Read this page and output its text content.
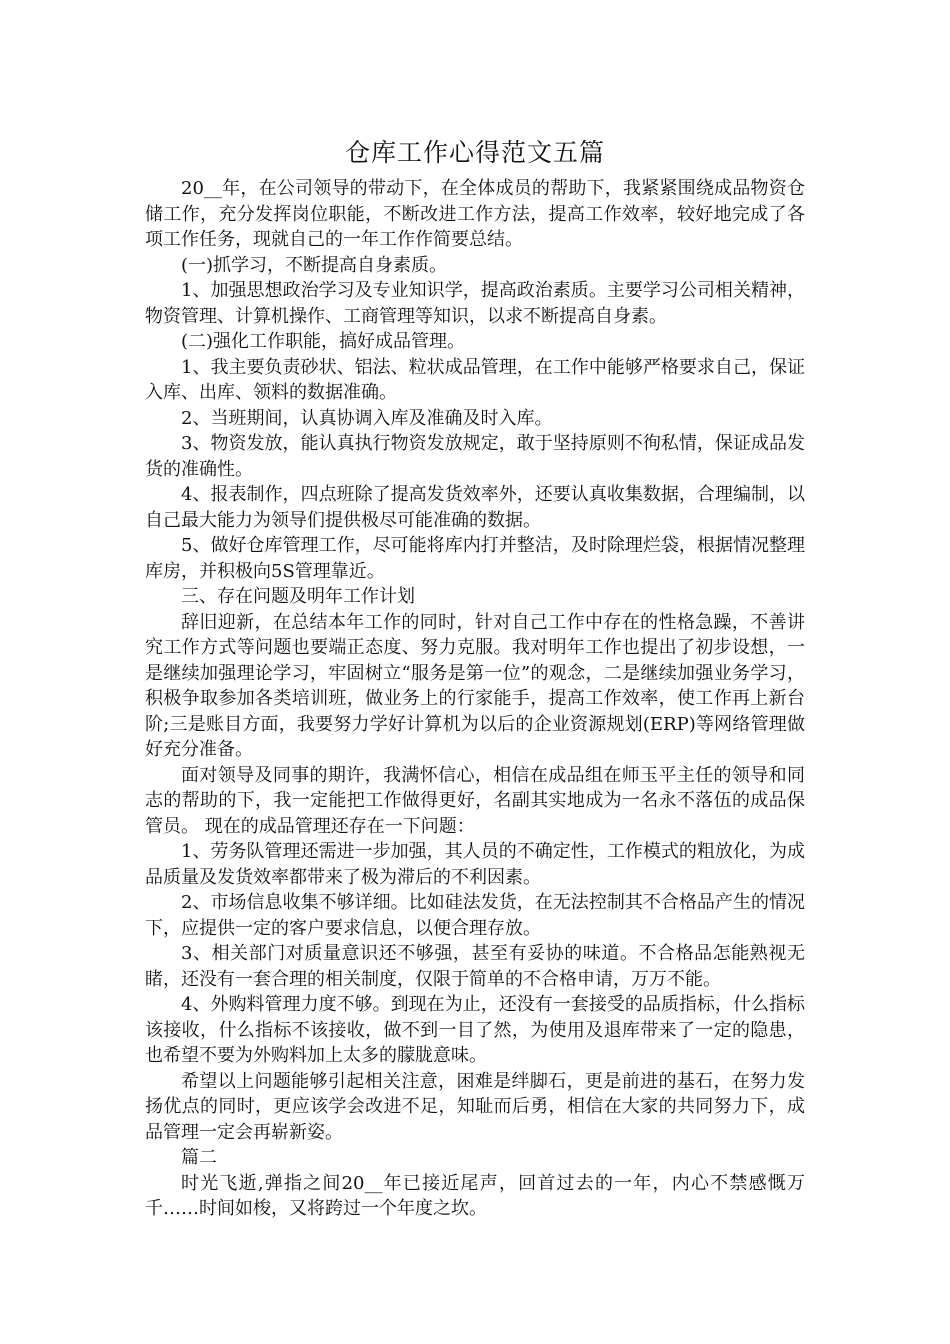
仓库工作心得范文五篇

20__年，在公司领导的带动下，在全体成员的帮助下，我紧紧围绕成品物资仓储工作，充分发挥岗位职能，不断改进工作方法，提高工作效率，较好地完成了各项工作任务，现就自己的一年工作作简要总结。

(一)抓学习，不断提高自身素质。

1、加强思想政治学习及专业知识学，提高政治素质。主要学习公司相关精神，物资管理、计算机操作、工商管理等知识，以求不断提高自身素。

(二)强化工作职能，搞好成品管理。

1、我主要负责砂状、铝法、粒状成品管理，在工作中能够严格要求自己，保证入库、出库、领料的数据准确。

2、当班期间，认真协调入库及准确及时入库。

3、物资发放，能认真执行物资发放规定，敢于坚持原则不徇私情，保证成品发货的准确性。

4、报表制作，四点班除了提高发货效率外，还要认真收集数据，合理编制，以自己最大能力为领导们提供极尽可能准确的数据。

5、做好仓库管理工作，尽可能将库内打并整洁，及时除理烂袋，根据情况整理库房，并积极向5S管理靠近。

三、存在问题及明年工作计划

辞旧迎新，在总结本年工作的同时，针对自己工作中存在的性格急躁，不善讲究工作方式等问题也要端正态度、努力克服。我对明年工作也提出了初步设想，一是继续加强理论学习，牢固树立“服务是第一位”的观念，二是继续加强业务学习，积极争取参加各类培训班，做业务上的行家能手，提高工作效率，使工作再上新台阶;三是账目方面，我要努力学好计算机为以后的企业资源规划(ERP)等网络管理做好充分准备。

面对领导及同事的期许，我满怀信心，相信在成品组在师玉平主任的领导和同志的帮助的下，我一定能把工作做得更好，名副其实地成为一名永不落伍的成品保管员。 现在的成品管理还存在一下问题：

1、劳务队管理还需进一步加强，其人员的不确定性，工作模式的粗放化，为成品质量及发货效率都带来了极为滞后的不利因素。

2、市场信息收集不够详细。比如硅法发货，在无法控制其不合格品产生的情况下，应提供一定的客户要求信息，以便合理存放。

3、相关部门对质量意识还不够强，甚至有妥协的味道。不合格品怎能熟视无睹，还没有一套合理的相关制度，仅限于简单的不合格申请，万万不能。

4、外购料管理力度不够。到现在为止，还没有一套接受的品质指标，什么指标该接收，什么指标不该接收，做不到一目了然，为使用及退库带来了一定的隐患，也希望不要为外购料加上太多的朦胧意味。

希望以上问题能够引起相关注意，困难是绊脚石，更是前进的基石，在努力发扬优点的同时，更应该学会改进不足，知耻而后勇，相信在大家的共同努力下，成品管理一定会再崭新姿。

篇二

时光飞逝,弹指之间20__年已接近尾声，回首过去的一年，内心不禁感慨万千……时间如梭，又将跨过一个年度之坎。
